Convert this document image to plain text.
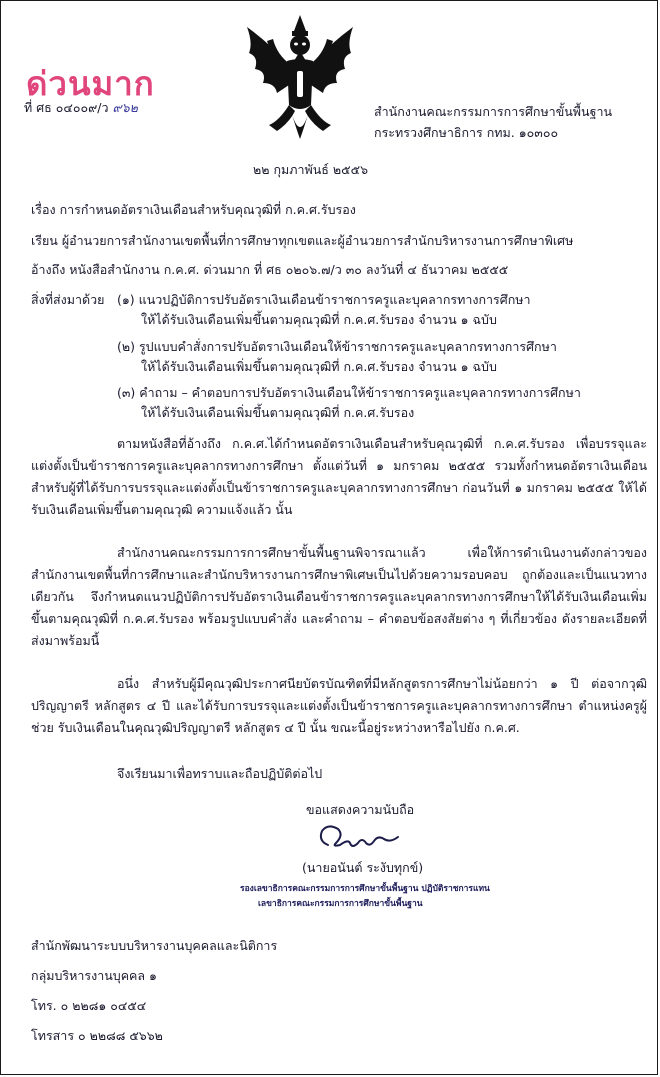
ด่วนมาก
ที่ ศธ ๐๔๐๐๙/ว ๙๖๒	สำนักงานคณะกรรมการการศึกษาขั้นพื้นฐาน
กระทรวงศึกษาธิการ กทม. ๑๐๓๐๐
๒๒ กุมภาพันธ์ ๒๕๕๖
เรื่อง การกำหนดอัตราเงินเดือนสำหรับคุณวุฒิที่ ก.ค.ศ.รับรอง
เรียน ผู้อำนวยการสำนักงานเขตพื้นที่การศึกษาทุกเขตและผู้อำนวยการสำนักบริหารงานการศึกษาพิเศษ
อ้างถึง หนังสือสำนักงาน ก.ค.ศ. ด่วนมาก ที่ ศธ ๐๒๐๖.๗/ว ๓๐ ลงวันที่ ๔ ธันวาคม ๒๕๕๕
สิ่งที่ส่งมาด้วย (๑) แนวปฏิบัติการปรับอัตราเงินเดือนข้าราชการครูและบุคลากรทางการศึกษา
ให้ได้รับเงินเดือนเพิ่มขึ้นตามคุณวุฒิที่ ก.ค.ศ.รับรอง จำนวน ๑ ฉบับ
(๒) รูปแบบคำสั่งการปรับอัตราเงินเดือนให้ข้าราชการครูและบุคลากรทางการศึกษา
ให้ได้รับเงินเดือนเพิ่มขึ้นตามคุณวุฒิที่ ก.ค.ศ.รับรอง จำนวน ๑ ฉบับ
(๓) คำถาม – คำตอบการปรับอัตราเงินเดือนให้ข้าราชการครูและบุคลากรทางการศึกษา
ให้ได้รับเงินเดือนเพิ่มขึ้นตามคุณวุฒิที่ ก.ค.ศ.รับรอง

ตามหนังสือที่อ้างถึง ก.ค.ศ.ได้กำหนดอัตราเงินเดือนสำหรับคุณวุฒิที่ ก.ค.ศ.รับรอง เพื่อบรรจุและแต่งตั้งเป็นข้าราชการครูและบุคลากรทางการศึกษา ตั้งแต่วันที่ ๑ มกราคม ๒๕๕๕ รวมทั้งกำหนดอัตราเงินเดือนสำหรับผู้ที่ได้รับการบรรจุและแต่งตั้งเป็นข้าราชการครูและบุคลากรทางการศึกษา ก่อนวันที่ ๑ มกราคม ๒๕๕๕ ให้ได้รับเงินเดือนเพิ่มขึ้นตามคุณวุฒิ ความแจ้งแล้ว นั้น

สำนักงานคณะกรรมการการศึกษาขั้นพื้นฐานพิจารณาแล้ว เพื่อให้การดำเนินงานดังกล่าวของสำนักงานเขตพื้นที่การศึกษาและสำนักบริหารงานการศึกษาพิเศษเป็นไปด้วยความรอบคอบ ถูกต้องและเป็นแนวทางเดียวกัน จึงกำหนดแนวปฏิบัติการปรับอัตราเงินเดือนข้าราชการครูและบุคลากรทางการศึกษาให้ได้รับเงินเดือนเพิ่มขึ้นตามคุณวุฒิที่ ก.ค.ศ.รับรอง พร้อมรูปแบบคำสั่ง และคำถาม – คำตอบข้อสงสัยต่าง ๆ ที่เกี่ยวข้อง ดังรายละเอียดที่ส่งมาพร้อมนี้

อนึ่ง สำหรับผู้มีคุณวุฒิประกาศนียบัตรบัณฑิตที่มีหลักสูตรการศึกษาไม่น้อยกว่า ๑ ปี ต่อจากวุฒิปริญญาตรี หลักสูตร ๔ ปี และได้รับการบรรจุและแต่งตั้งเป็นข้าราชการครูและบุคลากรทางการศึกษา ตำแหน่งครูผู้ช่วย รับเงินเดือนในคุณวุฒิปริญญาตรี หลักสูตร ๔ ปี นั้น ขณะนี้อยู่ระหว่างหารือไปยัง ก.ค.ศ.

จึงเรียนมาเพื่อทราบและถือปฏิบัติต่อไป
ขอแสดงความนับถือ
(นายอนันต์ ระงับทุกข์)
รองเลขาธิการคณะกรรมการการศึกษาขั้นพื้นฐาน ปฏิบัติราชการแทน
เลขาธิการคณะกรรมการการศึกษาขั้นพื้นฐาน
สำนักพัฒนาระบบบริหารงานบุคคลและนิติการ
กลุ่มบริหารงานบุคคล ๑
โทร. ๐ ๒๒๘๑ ๐๔๕๔
โทรสาร ๐ ๒๒๘๘ ๕๖๖๒
